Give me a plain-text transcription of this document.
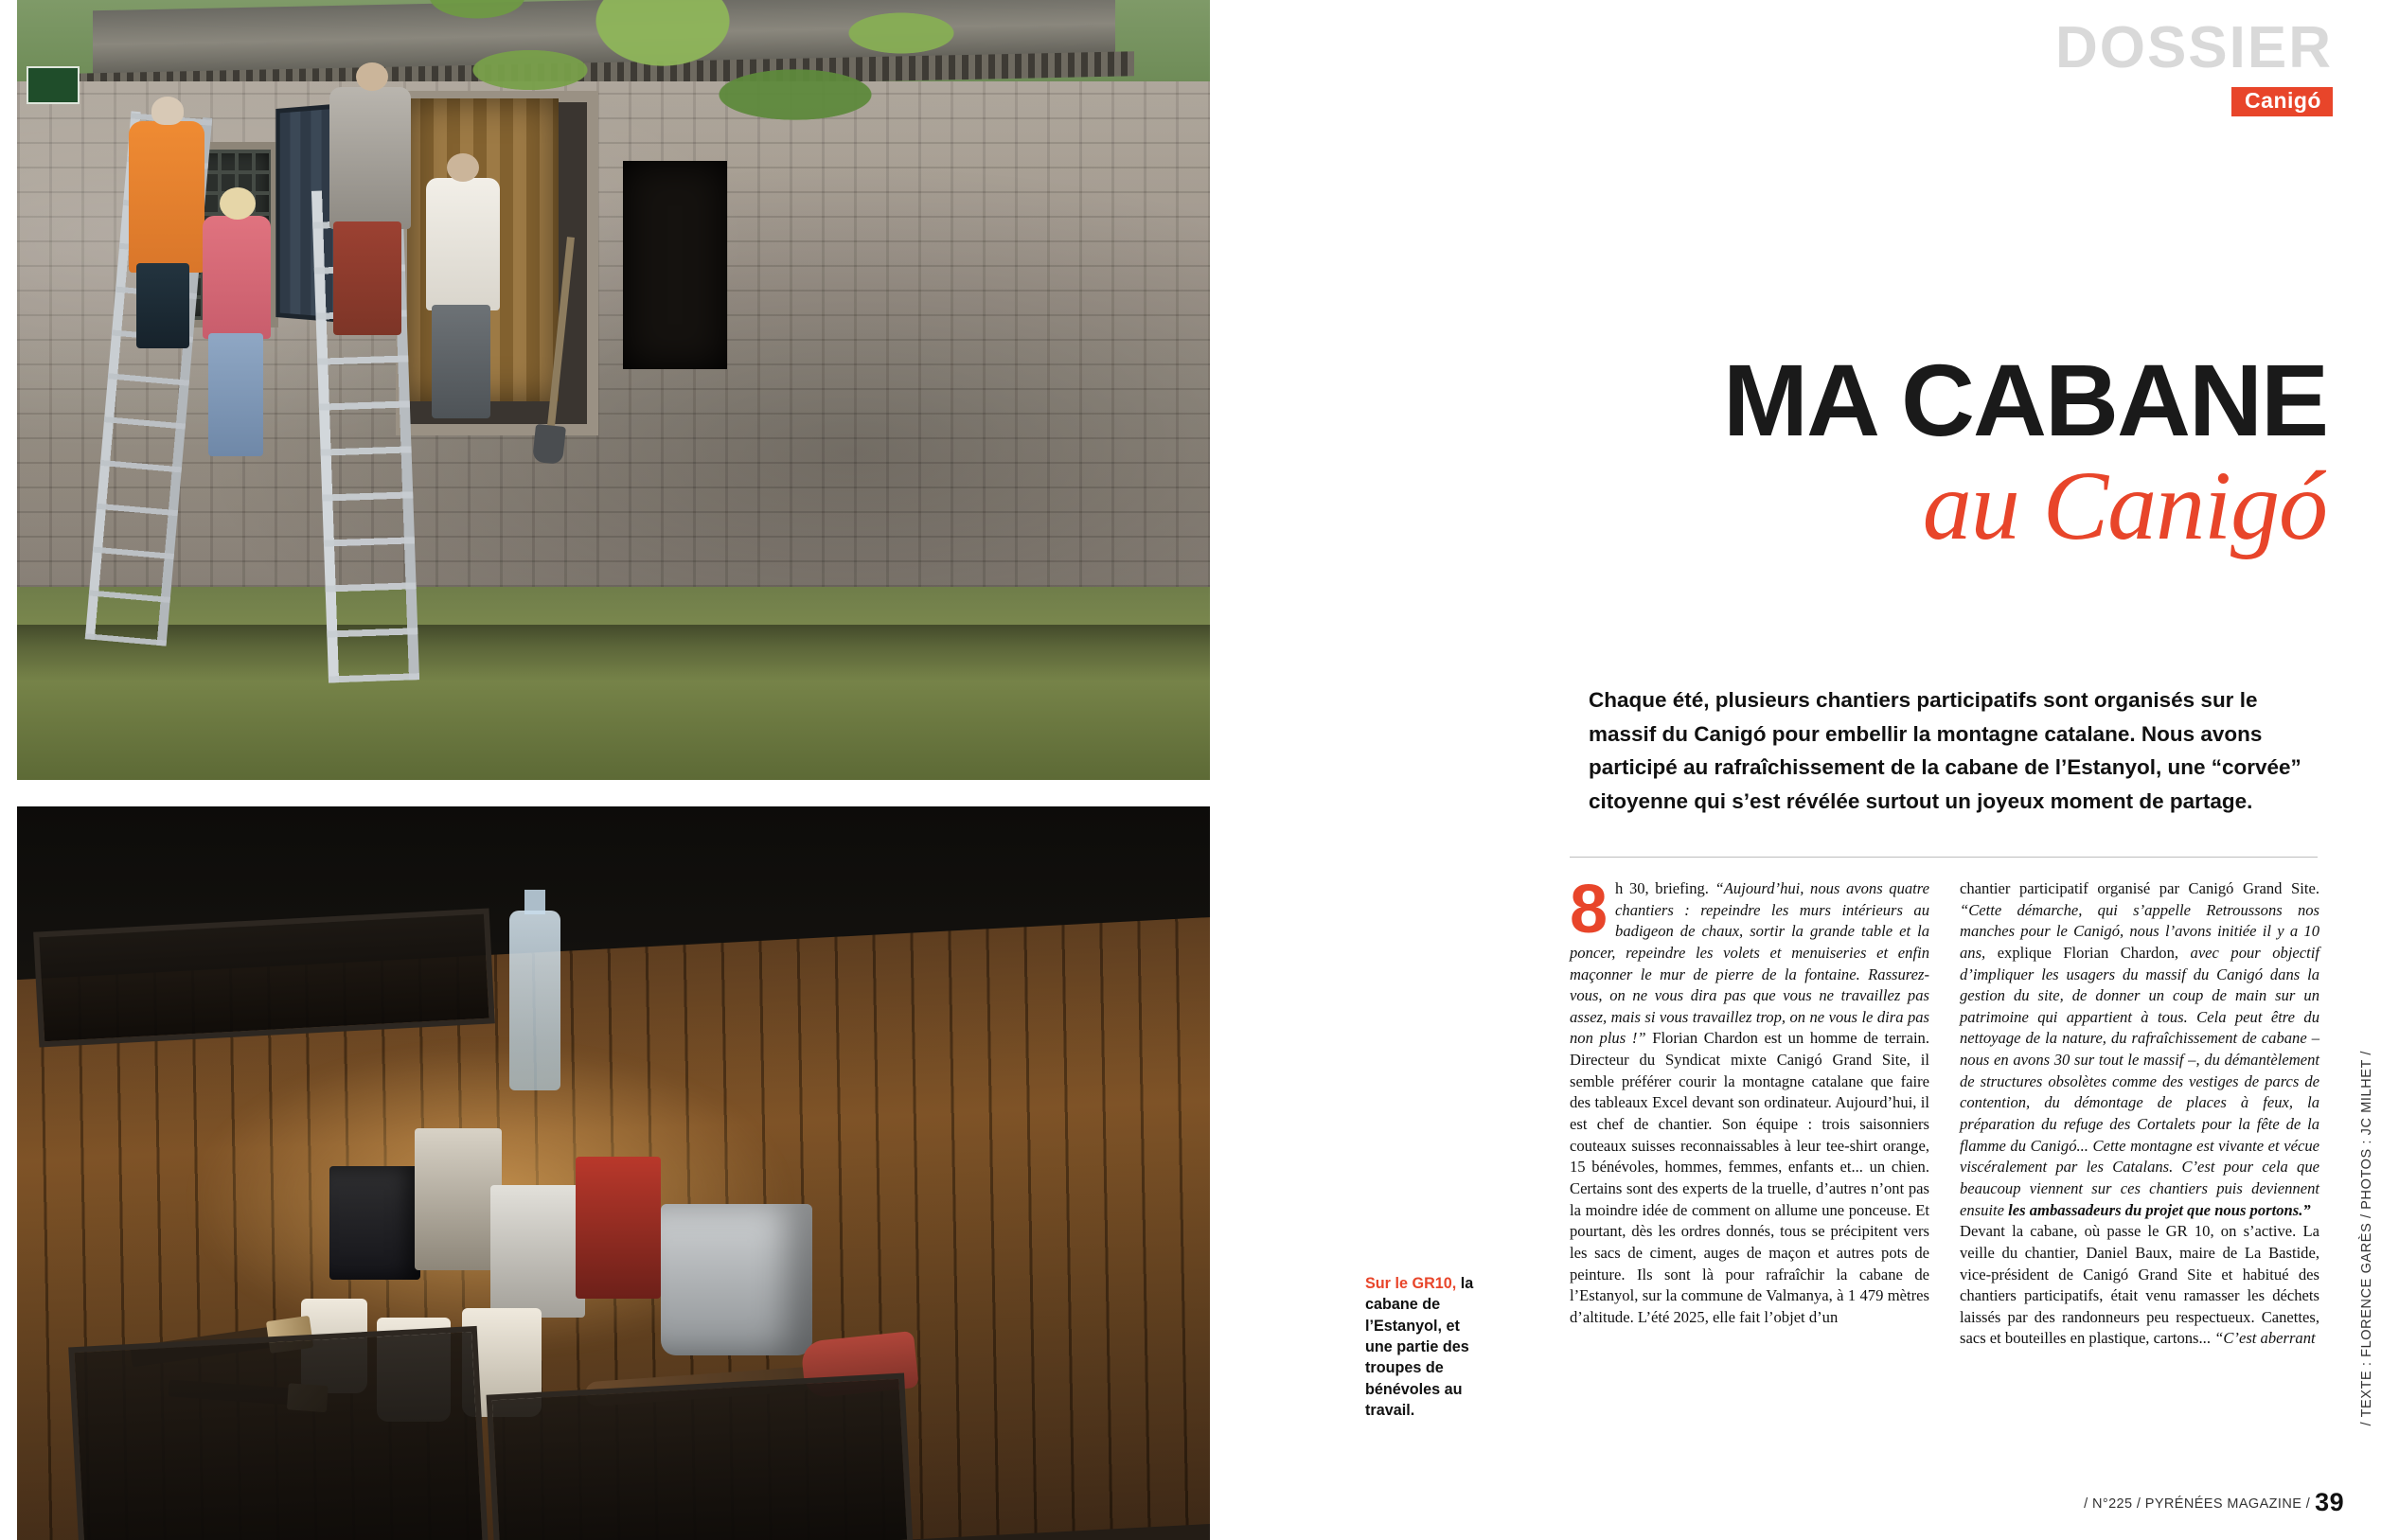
DOSSIER
Canigó
MA CABANE
au Canigó
Chaque été, plusieurs chantiers participatifs sont organisés sur le massif du Canigó pour embellir la montagne catalane. Nous avons participé au rafraîchissement de la cabane de l’Estanyol, une “corvée” citoyenne qui s’est révélée surtout un joyeux moment de partage.

8 h 30, briefing. “Aujourd’hui, nous avons quatre chantiers : repeindre les murs intérieurs au badigeon de chaux, sortir la grande table et la poncer, repeindre les volets et menuiseries et enfin maçonner le mur de pierre de la fontaine. Rassurez-vous, on ne vous dira pas que vous ne travaillez pas assez, mais si vous travaillez trop, on ne vous le dira pas non plus !” Florian Chardon est un homme de terrain. Directeur du Syndicat mixte Canigó Grand Site, il semble préférer courir la montagne catalane que faire des tableaux Excel devant son ordinateur. Aujourd’hui, il est chef de chantier. Son équipe : trois saisonniers couteaux suisses reconnaissables à leur tee-shirt orange, 15 bénévoles, hommes, femmes, enfants et... un chien. Certains sont des experts de la truelle, d’autres n’ont pas la moindre idée de comment on allume une ponceuse. Et pourtant, dès les ordres donnés, tous se précipitent vers les sacs de ciment, auges de maçon et autres pots de peinture. Ils sont là pour rafraîchir la cabane de l’Estanyol, sur la commune de Valmanya, à 1 479 mètres d’altitude. L’été 2025, elle fait l’objet d’un

chantier participatif organisé par Canigó Grand Site. “Cette démarche, qui s’appelle Retroussons nos manches pour le Canigó, nous l’avons initiée il y a 10 ans, explique Florian Chardon, avec pour objectif d’impliquer les usagers du massif du Canigó dans la gestion du site, de donner un coup de main sur un patrimoine qui appartient à tous. Cela peut être du nettoyage de la nature, du rafraîchissement de cabane – nous en avons 30 sur tout le massif –, du démantèlement de structures obsolètes comme des vestiges de parcs de contention, du démontage de places à feux, la préparation du refuge des Cortalets pour la fête de la flamme du Canigó... Cette montagne est vivante et vécue viscéralement par les Catalans. C’est pour cela que beaucoup viennent sur ces chantiers puis deviennent ensuite les ambassadeurs du projet que nous portons.”

Devant la cabane, où passe le GR 10, on s’active. La veille du chantier, Daniel Baux, maire de La Bastide, vice-président de Canigó Grand Site et habitué des chantiers participatifs, était venu ramasser les déchets laissés par des randonneurs peu respectueux. Canettes, sacs et bouteilles en plastique, cartons... “C’est aberrant

Sur le GR10, la cabane de l’Estanyol, et une partie des troupes de bénévoles au travail.	/ TEXTE : FLORENCE GARÈS / PHOTOS : JC MILHET /
/ N°225 / PYRÉNÉES MAGAZINE / 39
